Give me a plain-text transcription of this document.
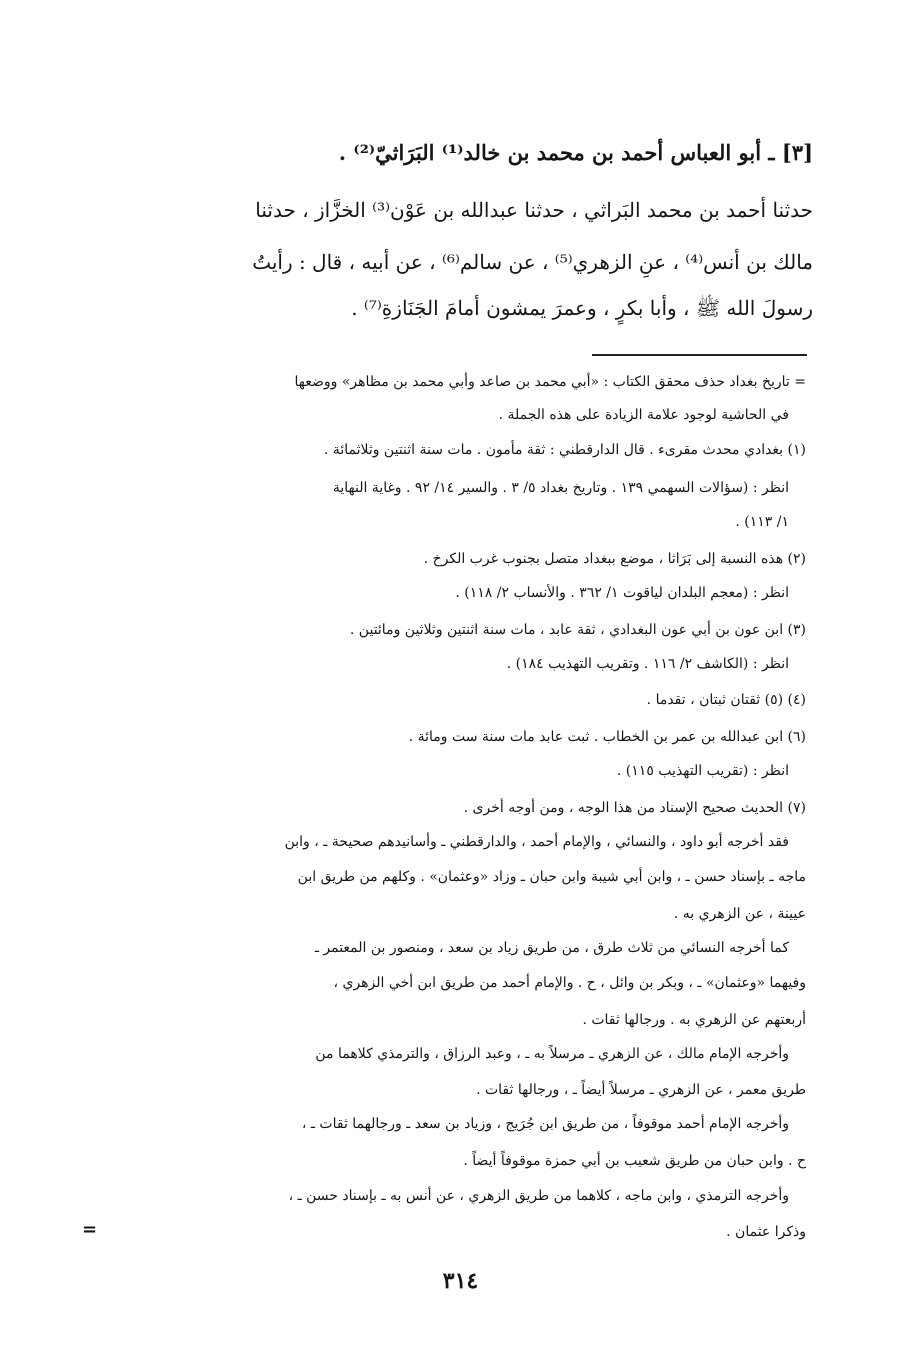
[٣] ـ أبو العباس أحمد بن محمد بن خالد⁽¹⁾ البَرَاثيّ⁽²⁾ .
حدثنا أحمد بن محمد البَراثي ، حدثنا عبدالله بن عَوْن⁽³⁾ الخزَّاز ، حدثنا
مالك بن أنس⁽⁴⁾ ، عنِ الزهري⁽⁵⁾ ، عن سالم⁽⁶⁾ ، عن أبيه ، قال : رأيتُ
رسولَ الله ﷺ ، وأبا بكرٍ ، وعمرَ يمشون أمامَ الجَنَازةِ⁽⁷⁾ .
= تاريخ بغداد حذف محقق الكتاب : «أبي محمد بن صاعد وأبي محمد بن مظاهر» ووضعها
في الحاشية لوجود علامة الزيادة على هذه الجملة .
(١) بغدادي محدث مقرىء . قال الدارقطني : ثقة مأمون . مات سنة اثنتين وثلاثمائة .
انظر : (سؤالات السهمي ١٣٩ . وتاريخ بغداد ٥/ ٣ . والسير ١٤/ ٩٢ . وغاية النهاية
١/ ١١٣) .
(٢) هذه النسبة إلى بَرَاثا ، موضع ببغداد متصل بجنوب غرب الكرخ .
انظر : (معجم البلدان لياقوت ١/ ٣٦٢ . والأنساب ٢/ ١١٨) .
(٣) ابن عون بن أبي عون البغدادي ، ثقة عابد ، مات سنة اثنتين وثلاثين ومائتين .
انظر : (الكاشف ٢/ ١١٦ . وتقريب التهذيب ١٨٤) .
(٤) (٥) ثقتان ثبتان ، تقدما .
(٦) ابن عبدالله بن عمر بن الخطاب . ثبت عابد مات سنة ست ومائة .
انظر : (تقريب التهذيب ١١٥) .
(٧) الحديث صحيح الإسناد من هذا الوجه ، ومن أوجه أخرى .
فقد أخرجه أبو داود ، والنسائي ، والإمام أحمد ، والدارقطني ـ وأسانيدهم صحيحة ـ ، وابن
ماجه ـ بإسناد حسن ـ ، وابن أبي شيبة وابن حبان ـ وزاد «وعثمان» . وكلهم من طريق ابن
عيينة ، عن الزهري به .
كما أخرجه النسائي من ثلاث طرق ، من طريق زياد بن سعد ، ومنصور بن المعتمر ـ
وفيهما «وعثمان» ـ ، وبكر بن وائل ، ح . والإمام أحمد من طريق ابن أخي الزهري ،
أربعتهم عن الزهري به . ورجالها ثقات .
وأخرجه الإمام مالك ، عن الزهري ـ مرسلاً به ـ ، وعبد الرزاق ، والترمذي كلاهما من
طريق معمر ، عن الزهري ـ مرسلاً أيضاً ـ ، ورجالها ثقات .
وأخرجه الإمام أحمد موقوفاً ، من طريق ابن جُرَيج ، وزياد بن سعد ـ ورجالهما ثقات ـ ،
ح . وابن حبان من طريق شعيب بن أبي حمزة موقوفاً أيضاً .
وأخرجه الترمذي ، وابن ماجه ، كلاهما من طريق الزهري ، عن أنس به ـ بإسناد حسن ـ ،
وذكرا عثمان .
=
٣١٤
